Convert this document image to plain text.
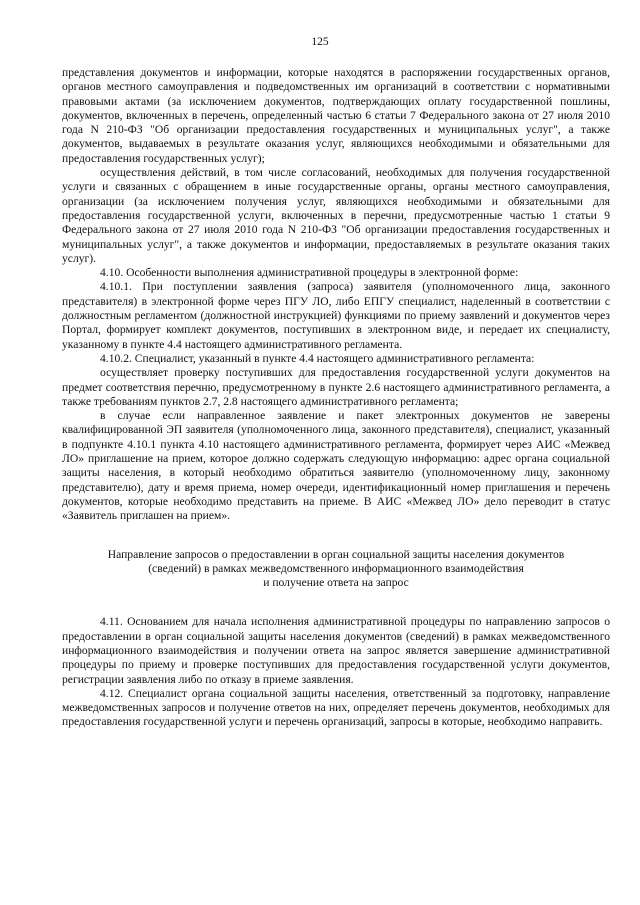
125

представления документов и информации, которые находятся в распоряжении государственных органов, органов местного самоуправления и подведомственных им организаций в соответствии с нормативными правовыми актами (за исключением документов, подтверждающих оплату государственной пошлины, документов, включенных в перечень, определенный частью 6 статьи 7 Федерального закона от 27 июля 2010 года N 210-ФЗ "Об организации предоставления государственных и муниципальных услуг", а также документов, выдаваемых в результате оказания услуг, являющихся необходимыми и обязательными для предоставления государственных услуг);

осуществления действий, в том числе согласований, необходимых для получения государственной услуги и связанных с обращением в иные государственные органы, органы местного самоуправления, организации (за исключением получения услуг, являющихся необходимыми и обязательными для предоставления государственной услуги, включенных в перечни, предусмотренные частью 1 статьи 9 Федерального закона от 27 июля 2010 года N 210-ФЗ "Об организации предоставления государственных и муниципальных услуг", а также документов и информации, предоставляемых в результате оказания таких услуг).

4.10. Особенности выполнения административной процедуры в электронной форме:

4.10.1. При поступлении заявления (запроса) заявителя (уполномоченного лица, законного представителя) в электронной форме через ПГУ ЛО, либо ЕПГУ специалист, наделенный в соответствии с должностным регламентом (должностной инструкцией) функциями по приему заявлений и документов через Портал, формирует комплект документов, поступивших в электронном виде, и передает их специалисту, указанному в пункте 4.4 настоящего административного регламента.

4.10.2. Специалист, указанный в пункте 4.4 настоящего административного регламента:

осуществляет проверку поступивших для предоставления государственной услуги документов на предмет соответствия перечню, предусмотренному в пункте 2.6 настоящего административного регламента, а также требованиям пунктов 2.7, 2.8 настоящего административного регламента;

в случае если направленное заявление и пакет электронных документов не заверены квалифицированной ЭП заявителя (уполномоченного лица, законного представителя), специалист, указанный в подпункте 4.10.1 пункта 4.10 настоящего административного регламента, формирует через АИС «Межвед ЛО» приглашение на прием, которое должно содержать следующую информацию: адрес органа социальной защиты населения, в который необходимо обратиться заявителю (уполномоченному лицу, законному представителю), дату и время приема, номер очереди, идентификационный номер приглашения и перечень документов, которые необходимо представить на приеме. В АИС «Межвед ЛО» дело переводит в статус «Заявитель приглашен на прием».

Направление запросов о предоставлении в орган социальной защиты населения документов
(сведений) в рамках межведомственного информационного взаимодействия
и получение ответа на запрос

4.11. Основанием для начала исполнения административной процедуры по направлению запросов о предоставлении в орган социальной защиты населения документов (сведений) в рамках межведомственного информационного взаимодействия и получении ответа на запрос является завершение административной процедуры по приему и проверке поступивших для предоставления государственной услуги документов, регистрации заявления либо по отказу в приеме заявления.

4.12. Специалист органа социальной защиты населения, ответственный за подготовку, направление межведомственных запросов и получение ответов на них, определяет перечень документов, необходимых для предоставления государственной услуги и перечень организаций, запросы в которые, необходимо направить.
